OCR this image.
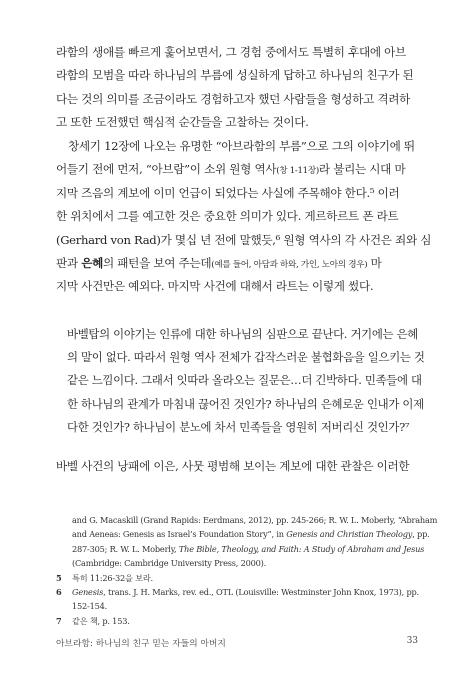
라함의 생애를 빠르게 훑어보면서, 그 경험 중에서도 특별히 후대에 아브
라함의 모범을 따라 하나님의 부름에 성실하게 답하고 하나님의 친구가 된
다는 것의 의미를 조금이라도 경험하고자 했던 사람들을 형성하고 격려하
고 또한 도전했던 핵심적 순간들을 고찰하는 것이다.
창세기 12장에 나오는 유명한 “아브라함의 부름”으로 그의 이야기에 뛰
어들기 전에 먼저, “아브람”이 소위 원형 역사(창 1-11장)라 불리는 시대 마
지막 즈음의 계보에 이미 언급이 되었다는 사실에 주목해야 한다.⁵ 이러
한 위치에서 그를 예고한 것은 중요한 의미가 있다. 게르하르트 폰 라트
(Gerhard von Rad)가 몇십 년 전에 말했듯,⁶ 원형 역사의 각 사건은 죄와 심
판과 은혜의 패턴을 보여 주는데(예를 들어, 아담과 하와, 가인, 노아의 경우) 마
지막 사건만은 예외다. 마지막 사건에 대해서 라트는 이렇게 썼다.
바벨탑의 이야기는 인류에 대한 하나님의 심판으로 끝난다. 거기에는 은혜
의 말이 없다. 따라서 원형 역사 전체가 갑작스러운 불협화음을 일으키는 것
같은 느낌이다. 그래서 잇따라 올라오는 질문은…더 긴박하다. 민족들에 대
한 하나님의 관계가 마침내 끊어진 것인가? 하나님의 은혜로운 인내가 이제
다한 것인가? 하나님이 분노에 차서 민족들을 영원히 저버리신 것인가?⁷
바벨 사건의 낭패에 이은, 사뭇 평범해 보이는 계보에 대한 관찰은 이러한
and G. Macaskill (Grand Rapids: Eerdmans, 2012), pp. 245-266; R. W. L. Moberly, “Abraham
and Aeneas: Genesis as Israel’s Foundation Story”, in Genesis and Christian Theology, pp.
287-305; R. W. L. Moberly, The Bible, Theology, and Faith: A Study of Abraham and Jesus
(Cambridge: Cambridge University Press, 2000).
5 특히 11:26-32을 보라.
6 Genesis, trans. J. H. Marks, rev. ed., OTL (Louisville: Westminster John Knox, 1973), pp.
152-154.
7 같은 책, p. 153.
아브라함: 하나님의 친구 믿는 자들의 아버지	33
